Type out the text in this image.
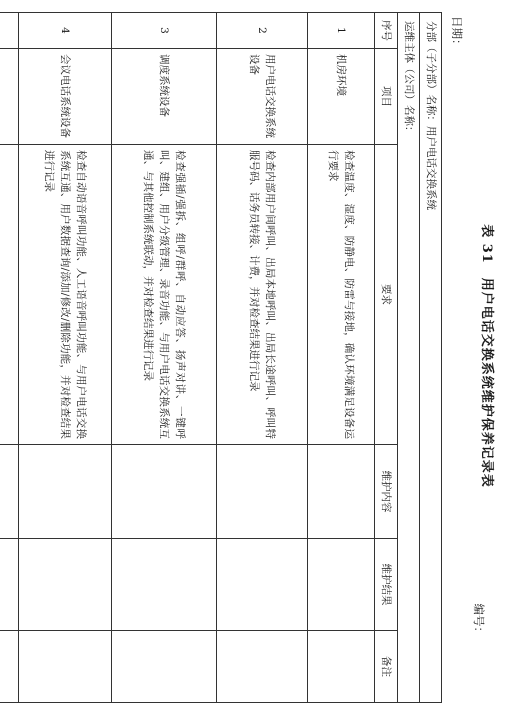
表 31　用户电话交换系统维护保养记录表
编号：
日期：
分部（子分部）名称：用户电话交换系统					
运维主体（公司）名称：					
序号	项目	要求	维护内容	维护结果	备注
1	机房环境	检查温度、湿度、防静电、防雷与接地，确认环境满足设备运行要求			
2	用户电话交换系统设备	检查内部用户间呼叫、出局本地呼叫、出局长途呼叫、呼叫特服号码、话务员转接、计费，并对检查结果进行记录			
3	调度系统设备	检查强插/强拆、组呼/群呼、自动应答、扬声对讲、一键呼叫、建组、用户分级管理、录音功能、与用户电话交换系统互通、与其他控制系统联动，并对检查结果进行记录			
4	会议电话系统设备	检查自动语音呼叫功能、人工语音呼叫功能、与用户电话交换系统互通、用户数据查询/添加/修改/删除功能，并对检查结果进行记录			
